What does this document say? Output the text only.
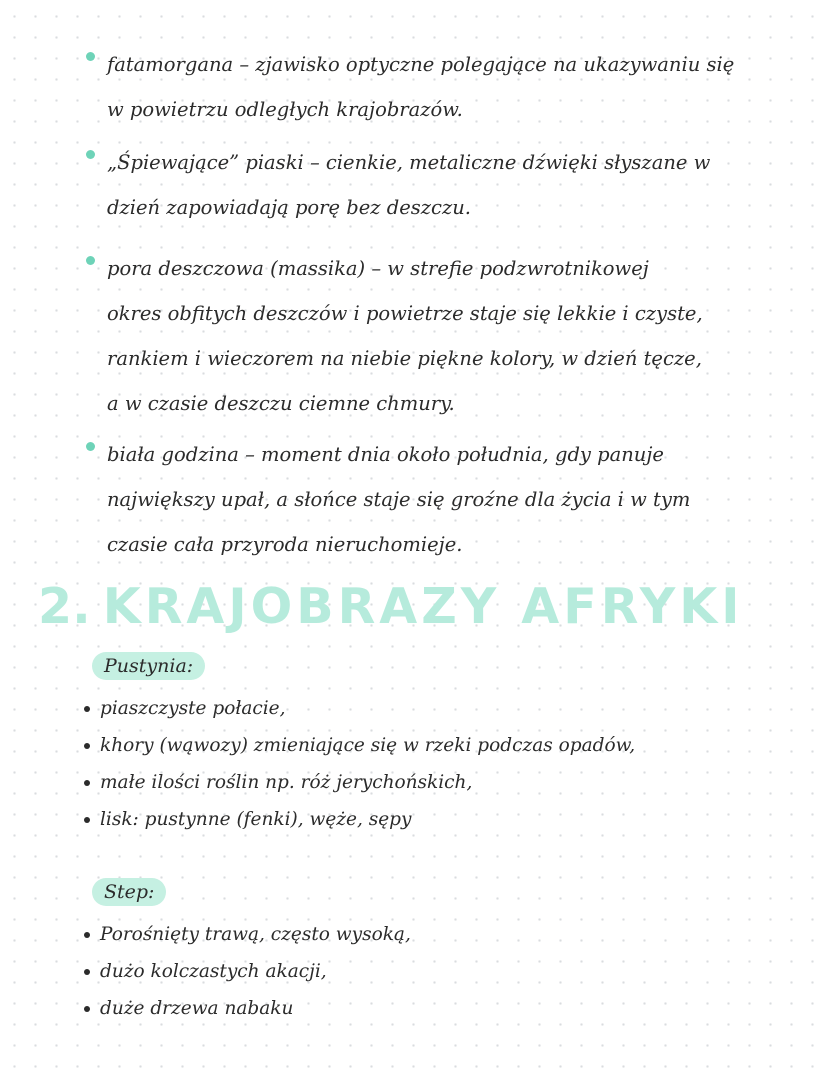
fatamorgana – zjawisko optyczne polegające na ukazywaniu się
w powietrzu odległych krajobrazów.
„Śpiewające” piaski – cienkie, metaliczne dźwięki słyszane w
dzień zapowiadają porę bez deszczu.
pora deszczowa (massika) – w strefie podzwrotnikowej
okres obfitych deszczów i powietrze staje się lekkie i czyste,
rankiem i wieczorem na niebie piękne kolory, w dzień tęcze,
a w czasie deszczu ciemne chmury.
biała godzina – moment dnia około południa, gdy panuje
największy upał, a słońce staje się groźne dla życia i w tym
czasie cała przyroda nieruchomieje.
2. KRAJOBRAZY AFRYKI
Pustynia:
piaszczyste połacie,
khory (wąwozy) zmieniające się w rzeki podczas opadów,
małe ilości roślin np. róż jerychońskich,
lisk: pustynne (fenki), węże, sępy
Step:
Porośnięty trawą, często wysoką,
dużo kolczastych akacji,
duże drzewa nabaku
